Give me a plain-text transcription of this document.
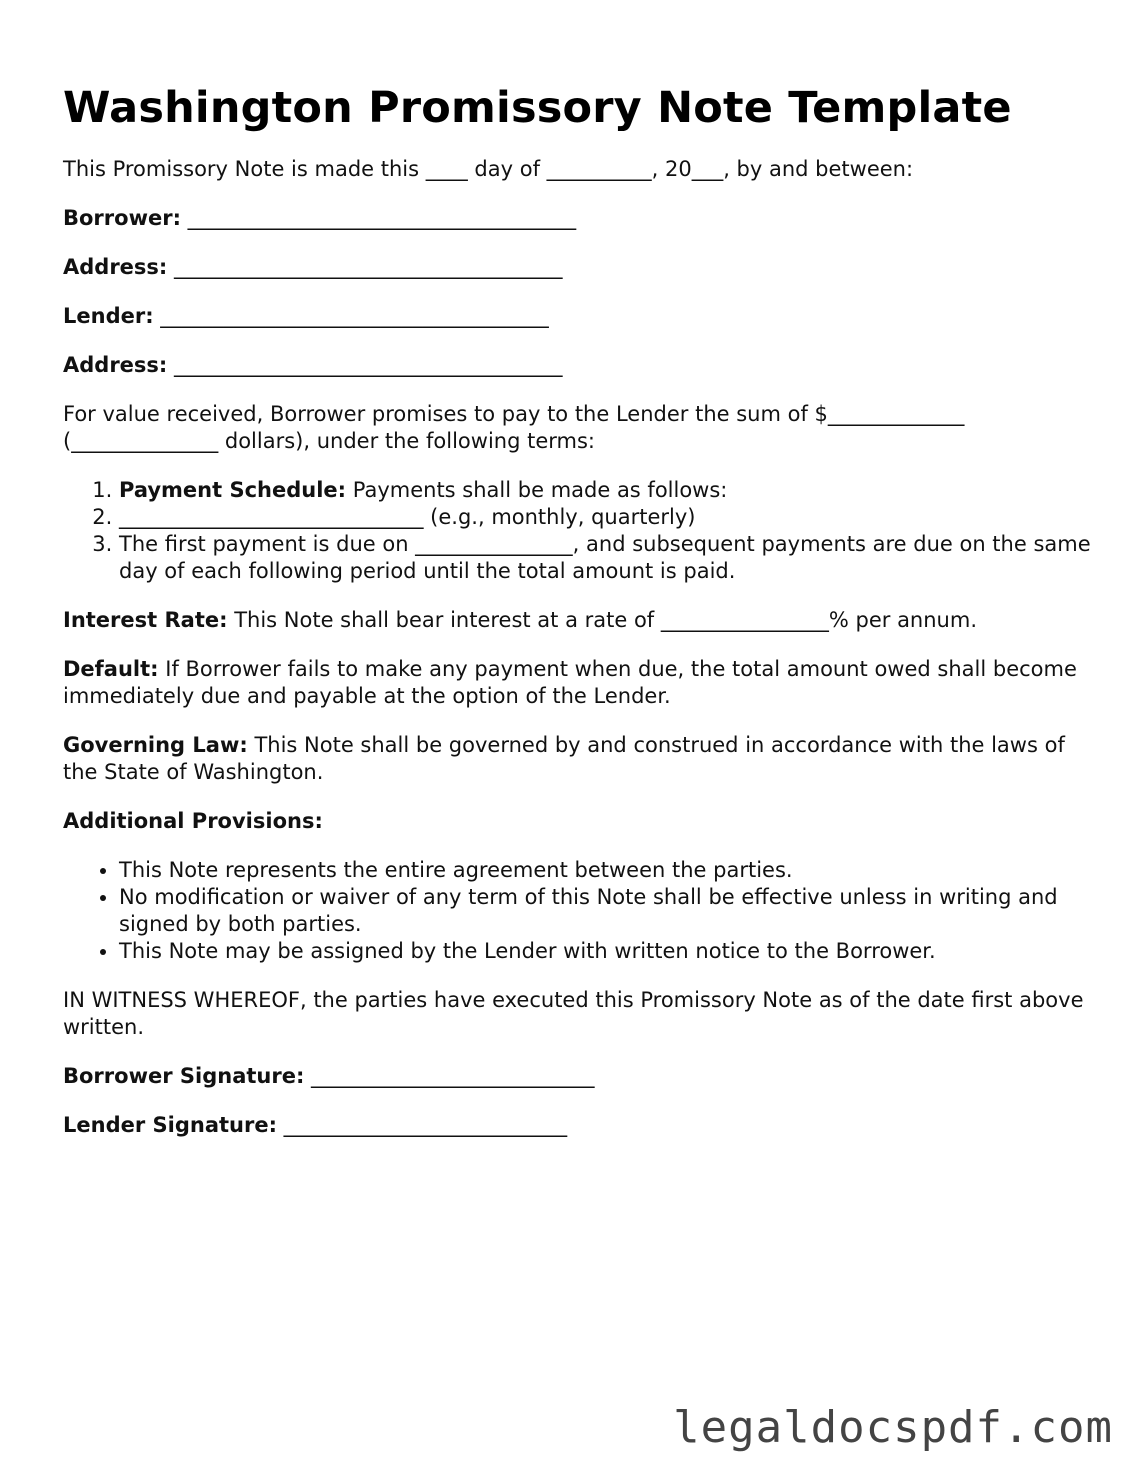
Washington Promissory Note Template

This Promissory Note is made this ____ day of __________, 20___, by and between:

Borrower: _____________________________________

Address: _____________________________________

Lender: _____________________________________

Address: _____________________________________

For value received, Borrower promises to pay to the Lender the sum of $_____________ (______________ dollars), under the following terms:

1. Payment Schedule: Payments shall be made as follows:
2. _____________________________ (e.g., monthly, quarterly)
3. The first payment is due on _______________, and subsequent payments are due on the same day of each following period until the total amount is paid.

Interest Rate: This Note shall bear interest at a rate of ________________% per annum.

Default: If Borrower fails to make any payment when due, the total amount owed shall become immediately due and payable at the option of the Lender.

Governing Law: This Note shall be governed by and construed in accordance with the laws of the State of Washington.

Additional Provisions:

• This Note represents the entire agreement between the parties.
• No modification or waiver of any term of this Note shall be effective unless in writing and signed by both parties.
• This Note may be assigned by the Lender with written notice to the Borrower.

IN WITNESS WHEREOF, the parties have executed this Promissory Note as of the date first above written.

Borrower Signature: ___________________________

Lender Signature: ___________________________

legaldocspdf.com
